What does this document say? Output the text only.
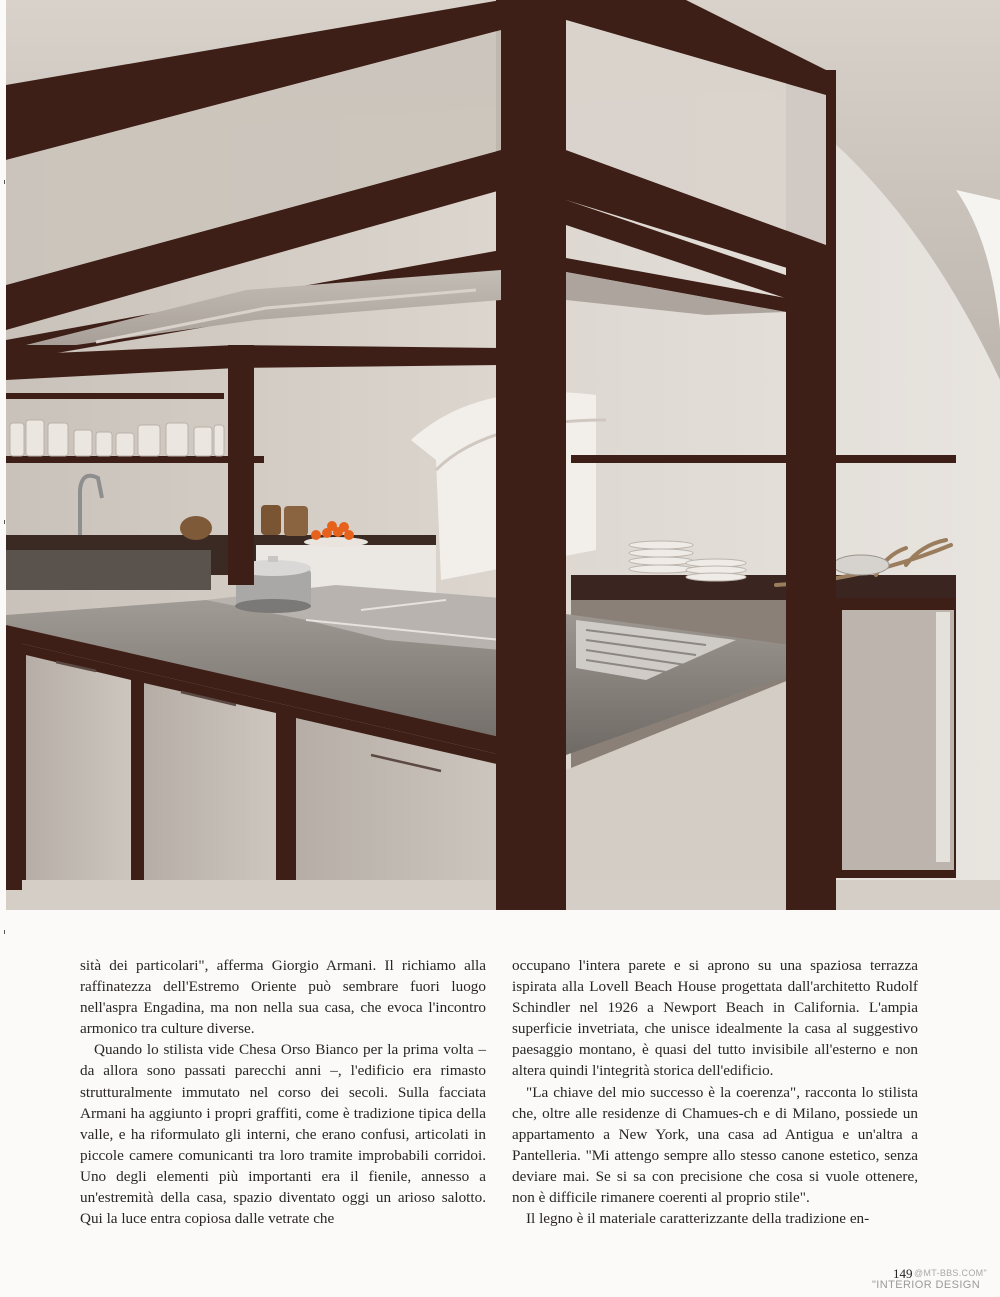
sità dei particolari", afferma Giorgio Armani. Il richiamo alla raffinatezza dell'Estremo Oriente può sembrare fuori luogo nell'aspra Engadina, ma non nella sua casa, che evoca l'incontro armonico tra culture diverse.

Quando lo stilista vide Chesa Orso Bianco per la prima volta – da allora sono passati parecchi anni –, l'edificio era rimasto strutturalmente immutato nel corso dei secoli. Sulla facciata Armani ha aggiunto i propri graffiti, come è tradizione tipica della valle, e ha riformulato gli interni, che erano confusi, articolati in piccole camere comunicanti tra loro tramite improbabili corridoi. Uno degli elementi più importanti era il fienile, annesso a un'estremità della casa, spazio diventato oggi un arioso salotto. Qui la luce entra copiosa dalle vetrate che

occupano l'intera parete e si aprono su una spaziosa terrazza ispirata alla Lovell Beach House progettata dall'architetto Rudolf Schindler nel 1926 a Newport Beach in California. L'ampia superficie invetriata, che unisce idealmente la casa al suggestivo paesaggio montano, è quasi del tutto invisibile all'esterno e non altera quindi l'integrità storica dell'edificio.

"La chiave del mio successo è la coerenza", racconta lo stilista che, oltre alle residenze di Chamues-ch e di Milano, possiede un appartamento a New York, una casa ad Antigua e un'altra a Pantelleria. "Mi attengo sempre allo stesso canone estetico, senza deviare mai. Se si sa con precisione che cosa si vuole ottenere, non è difficile rimanere coerenti al proprio stile".

Il legno è il materiale caratterizzante della tradizione en-

149 @MT-BBS.COM"
"INTERIOR DESIGN
